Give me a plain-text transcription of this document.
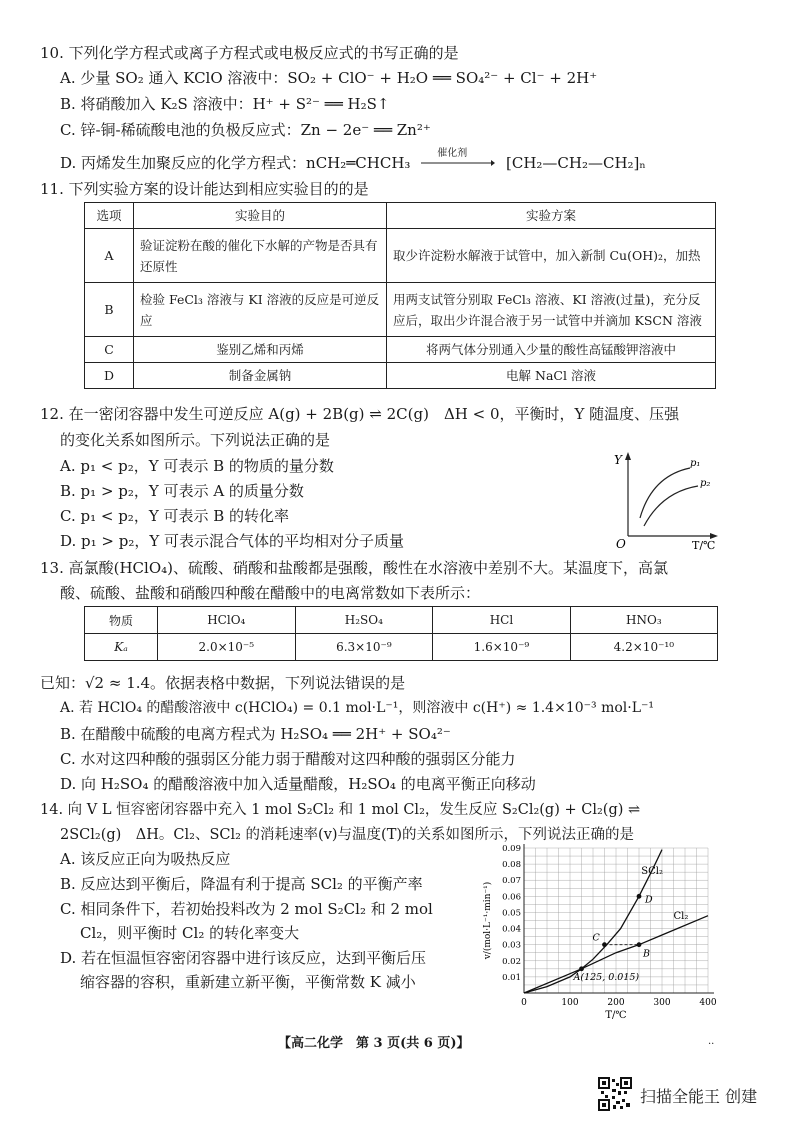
10. 下列化学方程式或离子方程式或电极反应式的书写正确的是
A. 少量 SO₂ 通入 KClO 溶液中：SO₂ + ClO⁻ + H₂O ══ SO₄²⁻ + Cl⁻ + 2H⁺
B. 将硝酸加入 K₂S 溶液中：H⁺ + S²⁻ ══ H₂S↑
C. 锌-铜-稀硫酸电池的负极反应式：Zn − 2e⁻ ══ Zn²⁺
D. 丙烯发生加聚反应的化学方程式：nCH₂═CHCH₃
催化剂
[CH₂—CH₂—CH₂]ₙ
11. 下列实验方案的设计能达到相应实验目的的是
选项	实验目的	实验方案
A	验证淀粉在酸的催化下水解的产物是否具有还原性	取少许淀粉水解液于试管中，加入新制 Cu(OH)₂，加热
B	检验 FeCl₃ 溶液与 KI 溶液的反应是可逆反应	用两支试管分别取 FeCl₃ 溶液、KI 溶液(过量)，充分反应后，取出少许混合液于另一试管中并滴加 KSCN 溶液
C	鉴别乙烯和丙烯	将两气体分别通入少量的酸性高锰酸钾溶液中
D	制备金属钠	电解 NaCl 溶液
12. 在一密闭容器中发生可逆反应 A(g) + 2B(g) ⇌ 2C(g)　ΔH < 0，平衡时，Y 随温度、压强
的变化关系如图所示。下列说法正确的是
A. p₁ < p₂，Y 可表示 B 的物质的量分数
B. p₁ > p₂，Y 可表示 A 的质量分数
C. p₁ < p₂，Y 可表示 B 的转化率
D. p₁ > p₂，Y 可表示混合气体的平均相对分子质量
Y
O	T/℃
p₁
p₂
13. 高氯酸(HClO₄)、硫酸、硝酸和盐酸都是强酸，酸性在水溶液中差别不大。某温度下，高氯
酸、硫酸、盐酸和硝酸四种酸在醋酸中的电离常数如下表所示：
物质	HClO₄	H₂SO₄	HCl	HNO₃
Kₐ	2.0×10⁻⁵	6.3×10⁻⁹	1.6×10⁻⁹	4.2×10⁻¹⁰
已知：√2 ≈ 1.4。依据表格中数据，下列说法错误的是
A. 若 HClO₄ 的醋酸溶液中 c(HClO₄) = 0.1 mol·L⁻¹，则溶液中 c(H⁺) ≈ 1.4×10⁻³ mol·L⁻¹
B. 在醋酸中硫酸的电离方程式为 H₂SO₄ ══ 2H⁺ + SO₄²⁻
C. 水对这四种酸的强弱区分能力弱于醋酸对这四种酸的强弱区分能力
D. 向 H₂SO₄ 的醋酸溶液中加入适量醋酸，H₂SO₄ 的电离平衡正向移动
14. 向 V L 恒容密闭容器中充入 1 mol S₂Cl₂ 和 1 mol Cl₂，发生反应 S₂Cl₂(g) + Cl₂(g) ⇌
2SCl₂(g)　ΔH。Cl₂、SCl₂ 的消耗速率(v)与温度(T)的关系如图所示，下列说法正确的是
A. 该反应正向为吸热反应
B. 反应达到平衡后，降温有利于提高 SCl₂ 的平衡产率
C. 相同条件下，若初始投料改为 2 mol S₂Cl₂ 和 2 mol
Cl₂，则平衡时 Cl₂ 的转化率变大
D. 若在恒温恒容密闭容器中进行该反应，达到平衡后压
缩容器的容积，重新建立新平衡，平衡常数 K 减小
0	100	200	300	400
0.01
0.02
0.03
0.04
0.05
0.06
0.07
0.08
0.09
SCl₂
Cl₂
A(125, 0.015)
B
C
D
T/℃
v/(mol·L⁻¹·min⁻¹)
【高二化学　第 3 页(共 6 页)】	..
扫描全能王 创建
